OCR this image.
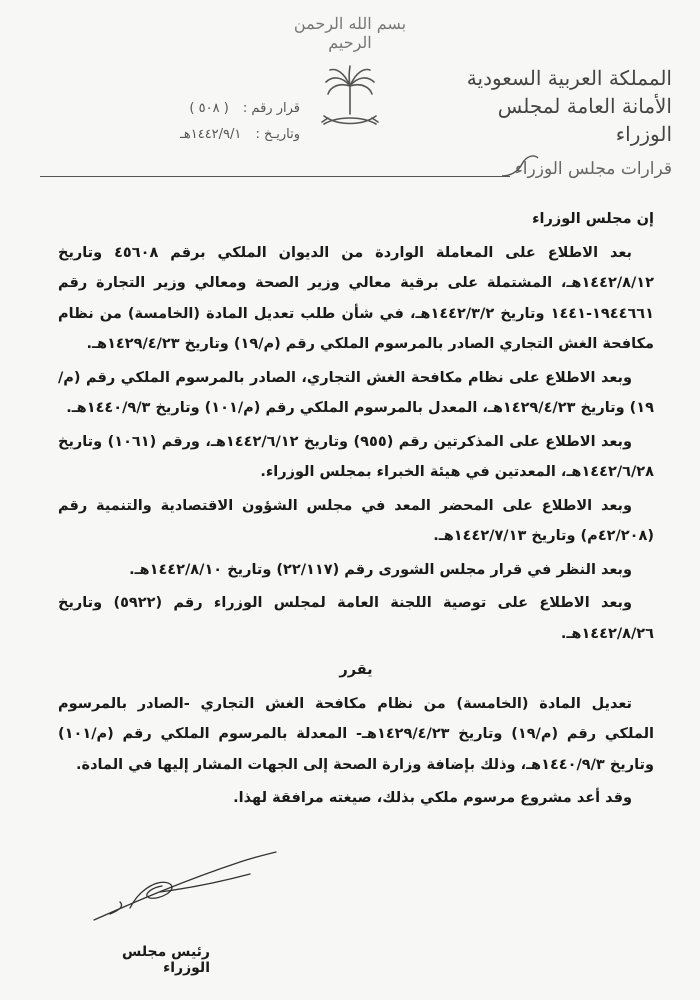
بسم الله الرحمن الرحيم
المملكة العربية السعودية
الأمانة العامة لمجلس الوزراء
قرارات مجلس الوزراء
قرار رقم : ( ٥٠٨ )
وتاريـخ : ١٤٤٢/٩/١هـ

إن مجلس الوزراء

بعد الاطلاع على المعاملة الواردة من الديوان الملكي برقم ٤٥٦٠٨ وتاريخ ١٤٤٢/٨/١٢هـ، المشتملة على برقية معالي وزير الصحة ومعالي وزير التجارة رقم ١٩٤٤٦٦١-١٤٤١ وتاريخ ١٤٤٢/٣/٢هـ، في شأن طلب تعديل المادة (الخامسة) من نظام مكافحة الغش التجاري الصادر بالمرسوم الملكي رقم (م/١٩) وتاريخ ١٤٢٩/٤/٢٣هـ.

وبعد الاطلاع على نظام مكافحة الغش التجاري، الصادر بالمرسوم الملكي رقم (م/١٩) وتاريخ ١٤٢٩/٤/٢٣هـ، المعدل بالمرسوم الملكي رقم (م/١٠١) وتاريخ ١٤٤٠/٩/٣هـ.

وبعد الاطلاع على المذكرتين رقم (٩٥٥) وتاريخ ١٤٤٢/٦/١٢هـ، ورقم (١٠٦١) وتاريخ ١٤٤٢/٦/٢٨هـ، المعدتين في هيئة الخبراء بمجلس الوزراء.

وبعد الاطلاع على المحضر المعد في مجلس الشؤون الاقتصادية والتنمية رقم (٤٢/٢٠٨م) وتاريخ ١٤٤٢/٧/١٣هـ.

وبعد النظر في قرار مجلس الشورى رقم (٢٢/١١٧) وتاريخ ١٤٤٢/٨/١٠هـ.

وبعد الاطلاع على توصية اللجنة العامة لمجلس الوزراء رقم (٥٩٢٢) وتاريخ ١٤٤٢/٨/٢٦هـ.

يقرر

تعديل المادة (الخامسة) من نظام مكافحة الغش التجاري -الصادر بالمرسوم الملكي رقم (م/١٩) وتاريخ ١٤٢٩/٤/٢٣هـ- المعدلة بالمرسوم الملكي رقم (م/١٠١) وتاريخ ١٤٤٠/٩/٣هـ، وذلك بإضافة وزارة الصحة إلى الجهات المشار إليها في المادة.

وقد أعد مشروع مرسوم ملكي بذلك، صيغته مرافقة لهذا.

رئيس مجلس الوزراء
